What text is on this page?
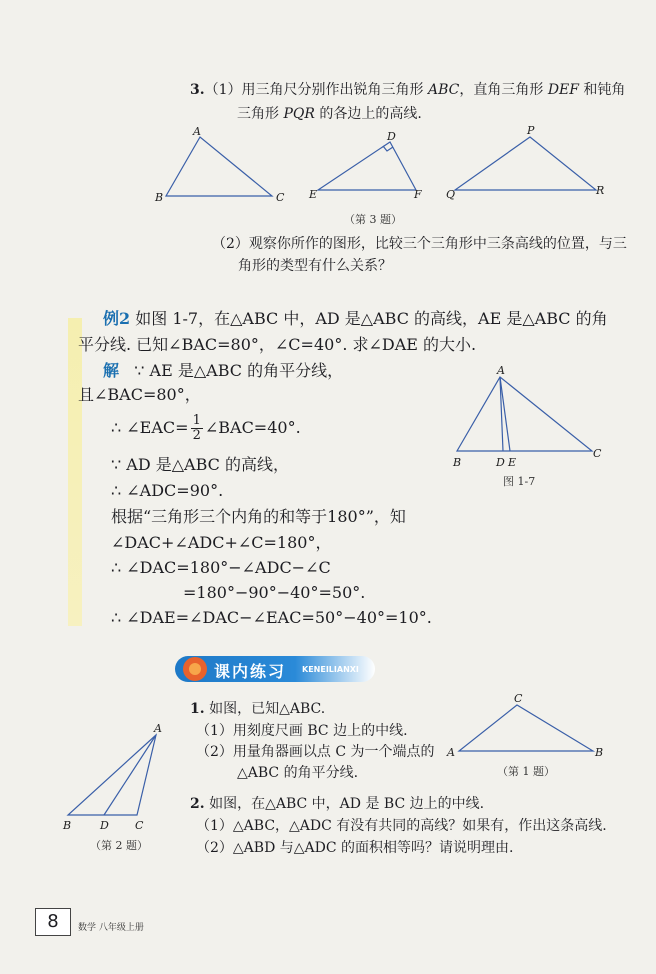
3.（1）用三角尺分别作出锐角三角形 ABC，直角三角形 DEF 和钝角
三角形 PQR 的各边上的高线.
A
B	C
D
E	F
P
Q	R
（第 3 题）
（2）观察你所作的图形，比较三个三角形中三条高线的位置，与三
角形的类型有什么关系？
例2 如图 1-7，在△ABC 中，AD 是△ABC 的高线，AE 是△ABC 的角
平分线. 已知∠BAC=80°，∠C=40°. 求∠DAE 的大小.
解 ∵ AE 是△ABC 的角平分线，
且∠BAC=80°，
∴ ∠EAC= $\frac{1}{2}$ ∠BAC=40°.
∵ AD 是△ABC 的高线，
∴ ∠ADC=90°.
根据“三角形三个内角的和等于180°”，知
∠DAC+∠ADC+∠C=180°，
∴ ∠DAC=180°−∠ADC−∠C
=180°−90°−40°=50°.
∴ ∠DAE=∠DAC−∠EAC=50°−40°=10°.
A
B	D E
C
图 1-7
课内练习 KENEILIANXI
1. 如图，已知△ABC.
（1）用刻度尺画 BC 边上的中线.
（2）用量角器画以点 C 为一个端点的
△ABC 的角平分线.
C
A	B
（第 1 题）
A
B	D C
（第 2 题）
2. 如图，在△ABC 中，AD 是 BC 边上的中线.
（1）△ABC，△ADC 有没有共同的高线？如果有，作出这条高线.
（2）△ABD 与△ADC 的面积相等吗？请说明理由.
8	数学 八年级上册
